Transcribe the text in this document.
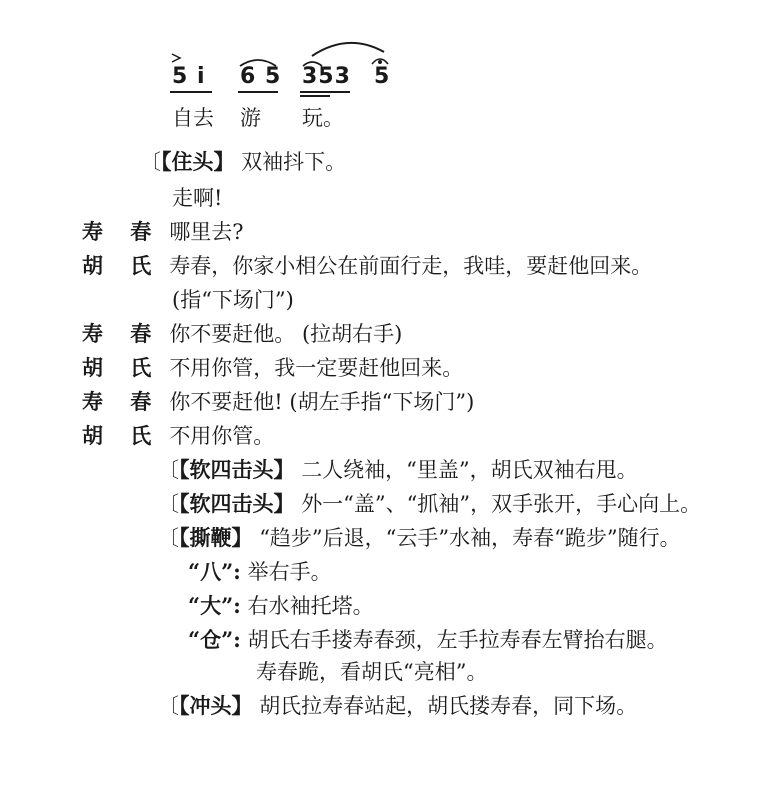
5 i 6 5 353 5
自去 游 玩。
〔【住头】 双袖抖下。
走啊!
寿 春 哪里去?
胡 氏 寿春，你家小相公在前面行走，我哇，要赶他回来。
(指“下场门”)
寿 春 你不要赶他。 (拉胡右手)
胡 氏 不用你管，我一定要赶他回来。
寿 春 你不要赶他! (胡左手指“下场门”)
胡 氏 不用你管。
〔【软四击头】 二人绕袖，“里盖”，胡氏双袖右甩。
〔【软四击头】 外一“盖”、“抓袖”，双手张开，手心向上。
〔【撕鞭】 “趋步”后退，“云手”水袖，寿春“跪步”随行。
“八”: 举右手。
“大”: 右水袖托塔。
“仓”: 胡氏右手搂寿春颈，左手拉寿春左臂抬右腿。
寿春跪，看胡氏“亮相”。
〔【冲头】 胡氏拉寿春站起，胡氏搂寿春，同下场。
